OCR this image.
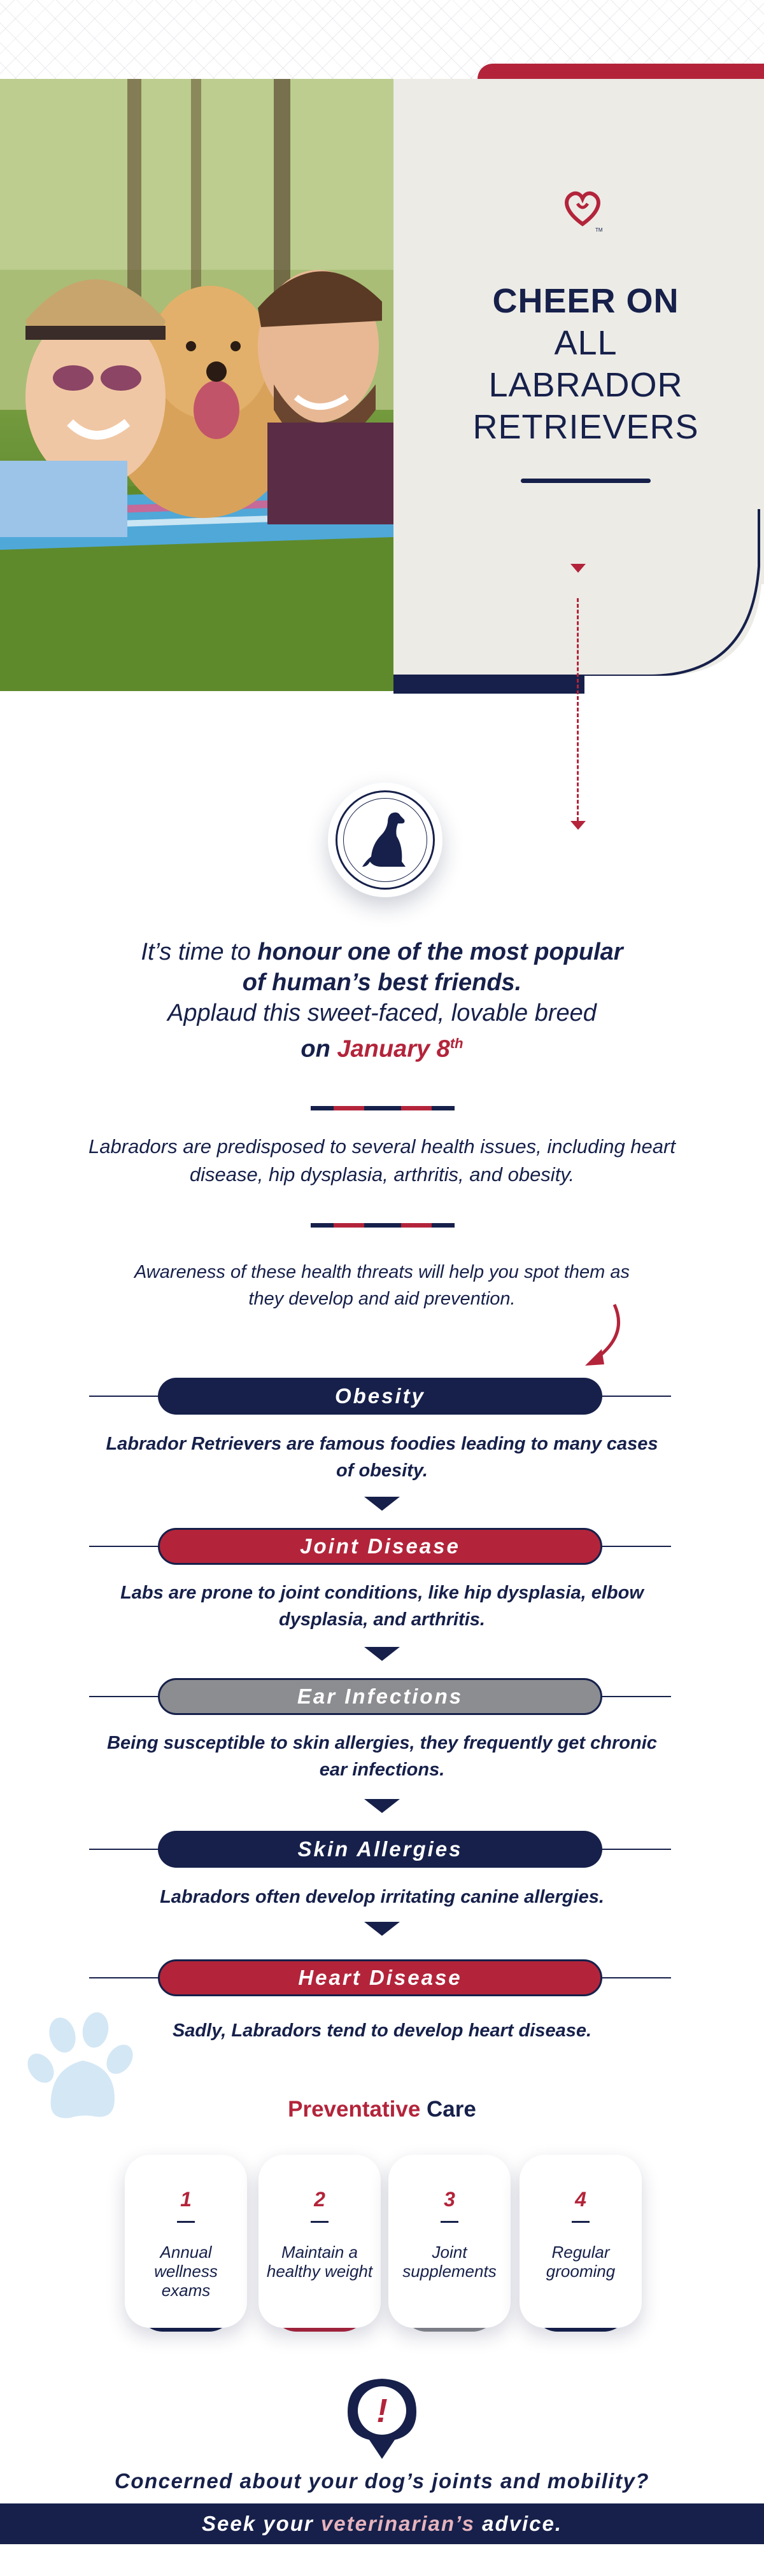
TM
CHEER ON
ALL
LABRADOR
RETRIEVERS
It’s time to honour one of the most popular
of human’s best friends.
Applaud this sweet-faced, lovable breed
on January 8th
Labradors are predisposed to several health issues, including heart disease, hip dysplasia, arthritis, and obesity.
Awareness of these health threats will help you spot them as they develop and aid prevention.
Obesity
Labrador Retrievers are famous foodies leading to many cases of obesity.
Joint Disease
Labs are prone to joint conditions, like hip dysplasia, elbow dysplasia, and arthritis.
Ear Infections
Being susceptible to skin allergies, they frequently get chronic ear infections.
Skin Allergies
Labradors often develop irritating canine allergies.
Heart Disease
Sadly, Labradors tend to develop heart disease.
Preventative Care
1
Annual wellness exams
2
Maintain a healthy weight
3
Joint supplements
4
Regular grooming
!
Concerned about your dog’s joints and mobility?
Seek your veterinarian’s advice.
